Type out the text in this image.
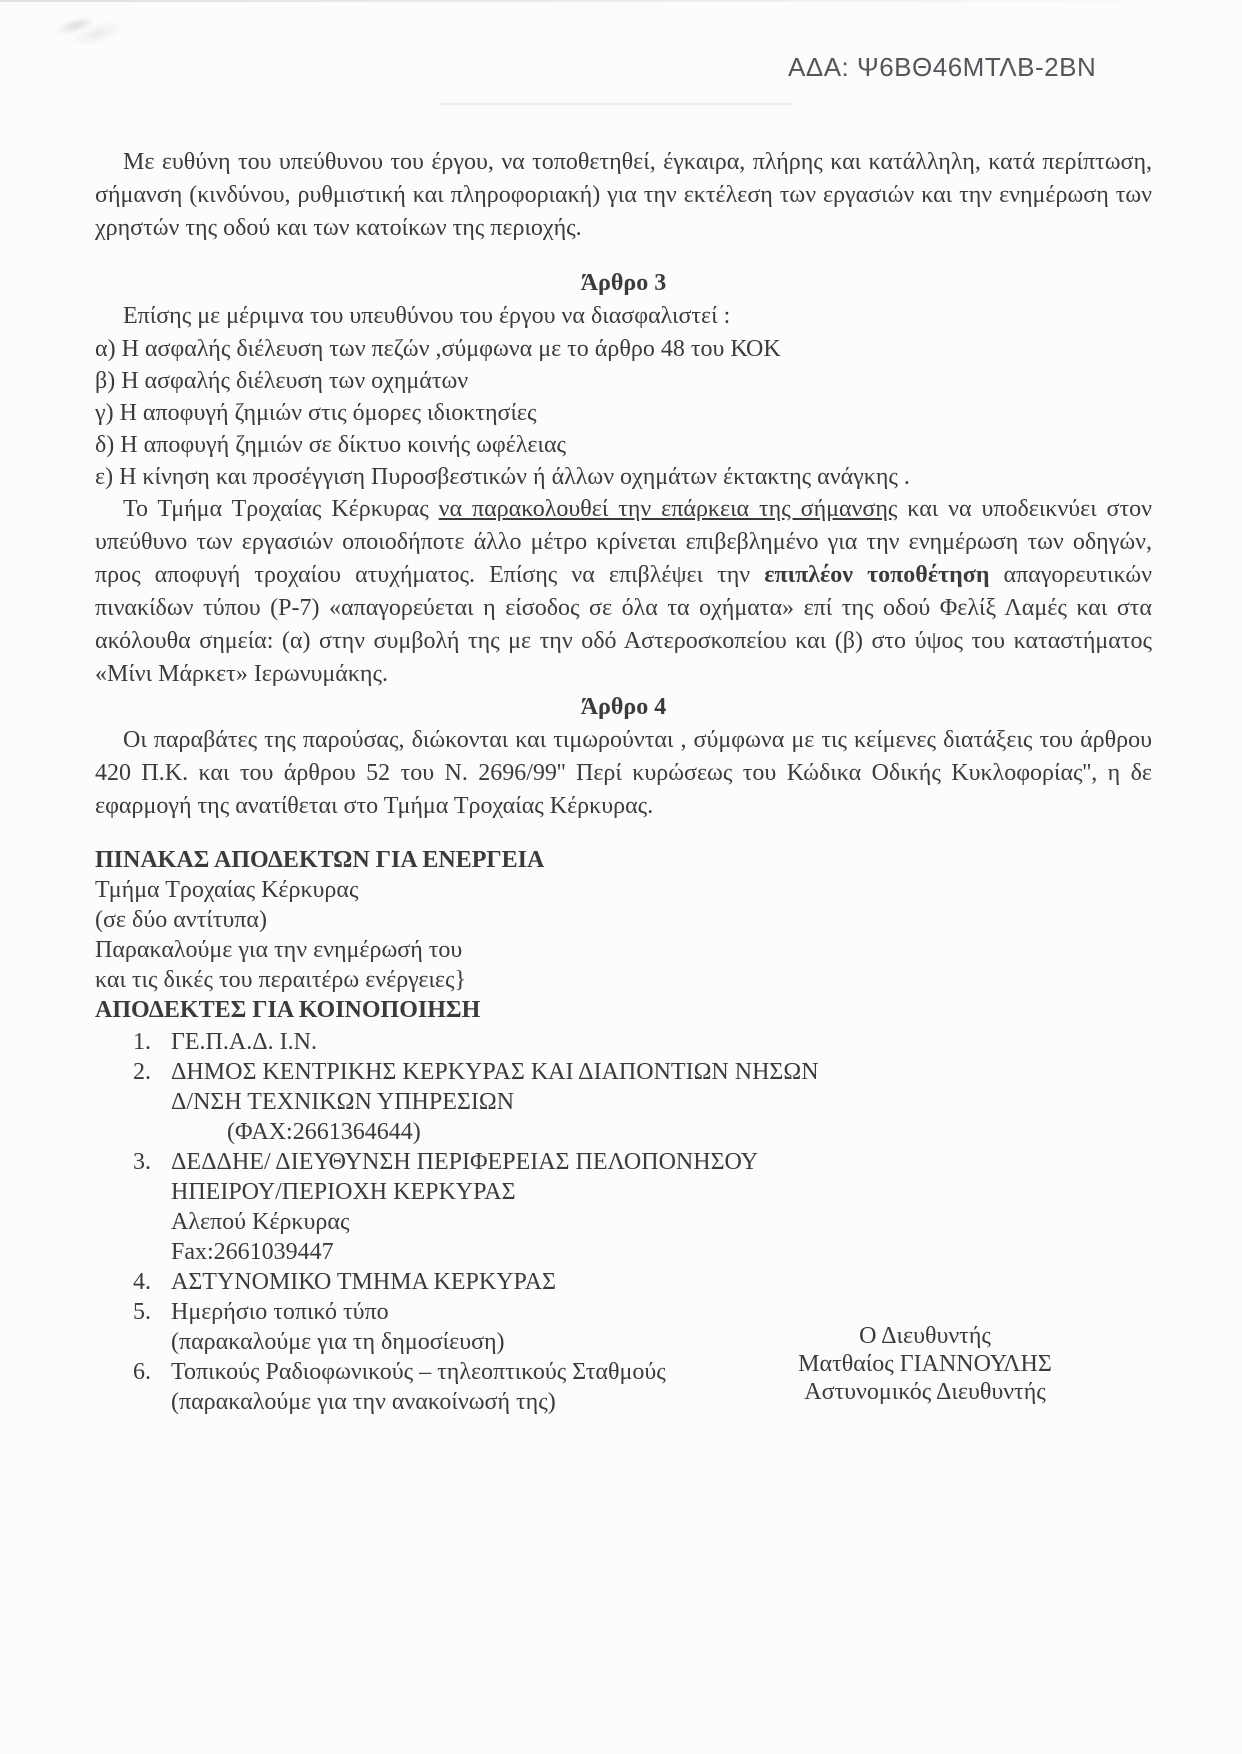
ΑΔΑ: Ψ6ΒΘ46ΜΤΛΒ-2ΒΝ

Με ευθύνη του υπεύθυνου του έργου, να τοποθετηθεί, έγκαιρα, πλήρης και κατάλληλη, κατά περίπτωση, σήμανση (κινδύνου, ρυθμιστική και πληροφοριακή) για την εκτέλεση των εργασιών και την ενημέρωση των χρηστών της οδού και των κατοίκων της περιοχής.

Άρθρο 3

Επίσης με μέριμνα του υπευθύνου του έργου να διασφαλιστεί :

α) Η ασφαλής διέλευση των πεζών ,σύμφωνα με το άρθρο 48 του ΚΟΚ
β) Η ασφαλής διέλευση των οχημάτων
γ) Η αποφυγή ζημιών στις όμορες ιδιοκτησίες
δ) Η αποφυγή ζημιών σε δίκτυο κοινής ωφέλειας
ε) Η κίνηση και προσέγγιση Πυροσβεστικών ή άλλων οχημάτων έκτακτης ανάγκης .

Το Τμήμα Τροχαίας Κέρκυρας να παρακολουθεί την επάρκεια της σήμανσης και να υποδεικνύει στον υπεύθυνο των εργασιών οποιοδήποτε άλλο μέτρο κρίνεται επιβεβλημένο για την ενημέρωση των οδηγών, προς αποφυγή τροχαίου ατυχήματος. Επίσης να επιβλέψει την επιπλέον τοποθέτηση απαγορευτικών πινακίδων τύπου (Ρ-7) «απαγορεύεται η είσοδος σε όλα τα οχήματα» επί της οδού Φελίξ Λαμές και στα ακόλουθα σημεία: (α) στην συμβολή της με την οδό Αστεροσκοπείου και (β) στο ύψος του καταστήματος «Μίνι Μάρκετ» Ιερωνυμάκης.

Άρθρο 4

Οι παραβάτες της παρούσας, διώκονται και τιμωρούνται , σύμφωνα με τις κείμενες διατάξεις του άρθρου 420 Π.Κ. και του άρθρου 52 του Ν. 2696/99'' Περί κυρώσεως του Κώδικα Οδικής Κυκλοφορίας'', η δε εφαρμογή της ανατίθεται στο Τμήμα Τροχαίας Κέρκυρας.

ΠΙΝΑΚΑΣ ΑΠΟΔΕΚΤΩΝ ΓΙΑ ΕΝΕΡΓΕΙΑ

Τμήμα Τροχαίας Κέρκυρας
(σε δύο αντίτυπα)
Παρακαλούμε για την ενημέρωσή του
και τις δικές του περαιτέρω ενέργειες}

ΑΠΟΔΕΚΤΕΣ ΓΙΑ ΚΟΙΝΟΠΟΙΗΣΗ

1. ΓΕ.Π.Α.Δ. Ι.Ν.
2. ΔΗΜΟΣ ΚΕΝΤΡΙΚΗΣ ΚΕΡΚΥΡΑΣ ΚΑΙ ΔΙΑΠΟΝΤΙΩΝ ΝΗΣΩΝ
Δ/ΝΣΗ ΤΕΧΝΙΚΩΝ ΥΠΗΡΕΣΙΩΝ
(ΦΑΧ:2661364644)
3. ΔΕΔΔΗΕ/ ΔΙΕΥΘΥΝΣΗ ΠΕΡΙΦΕΡΕΙΑΣ ΠΕΛΟΠΟΝΗΣΟΥ
ΗΠΕΙΡΟΥ/ΠΕΡΙΟΧΗ ΚΕΡΚΥΡΑΣ
Αλεπού Κέρκυρας
Fax:2661039447
4. ΑΣΤΥΝΟΜΙΚΟ ΤΜΗΜΑ ΚΕΡΚΥΡΑΣ
5. Ημερήσιο τοπικό τύπο
(παρακαλούμε για τη δημοσίευση)
6. Τοπικούς Ραδιοφωνικούς – τηλεοπτικούς Σταθμούς
(παρακαλούμε για την ανακοίνωσή της)
Ο Διευθυντής
Ματθαίος ΓΙΑΝΝΟΥΛΗΣ
Αστυνομικός Διευθυντής
